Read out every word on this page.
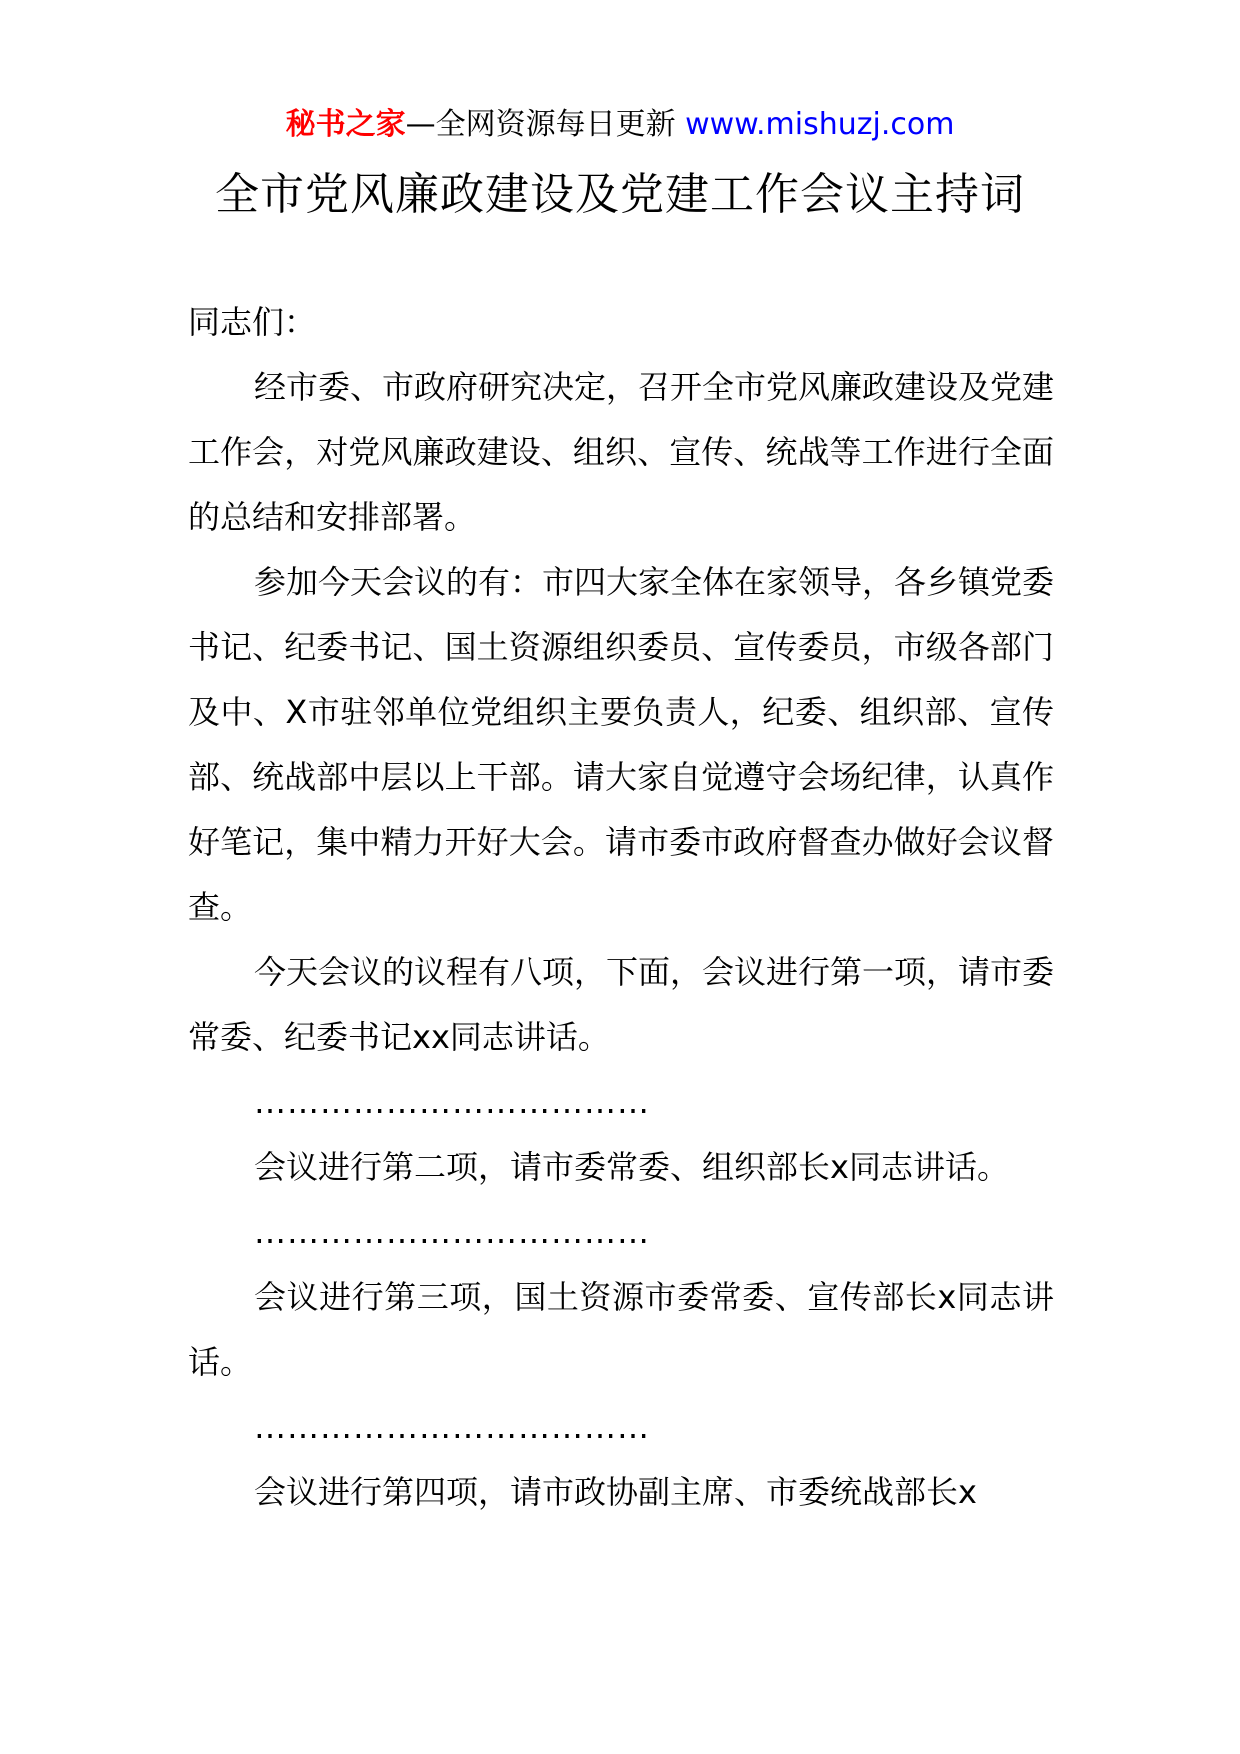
秘书之家—全网资源每日更新 www.mishuzj.com
全市党风廉政建设及党建工作会议主持词

同志们：

经市委、市政府研究决定，召开全市党风廉政建设及党建工作会，对党风廉政建设、组织、宣传、统战等工作进行全面的总结和安排部署。

参加今天会议的有：市四大家全体在家领导，各乡镇党委书记、纪委书记、国土资源组织委员、宣传委员，市级各部门及中、X市驻邻单位党组织主要负责人，纪委、组织部、宣传部、统战部中层以上干部。请大家自觉遵守会场纪律，认真作好笔记，集中精力开好大会。请市委市政府督查办做好会议督查。

今天会议的议程有八项，下面，会议进行第一项，请市委常委、纪委书记xx同志讲话。

………………………………

会议进行第二项，请市委常委、组织部长x同志讲话。

………………………………

会议进行第三项，国土资源市委常委、宣传部长x同志讲话。

………………………………

会议进行第四项，请市政协副主席、市委统战部长x
